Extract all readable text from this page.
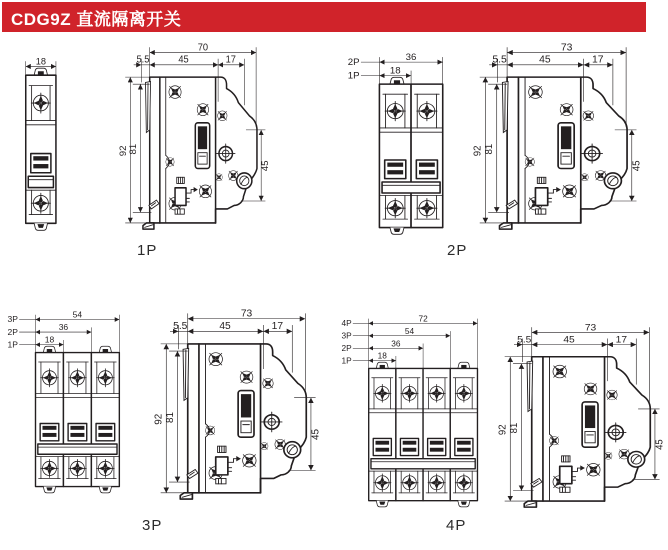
CDG9Z 直流隔离开关
18
70
5.5	45	17
92 81
45
1P
2P	36
1P	18
73
5.5	45	17
92 81
45
2P
3P	54
2P	36
1P 18
73
5.5	45	17
92 81
45
3P
4P	72
3P	54
2P	36
1P 18
73
5.5	45	17
92 81
45
4P
